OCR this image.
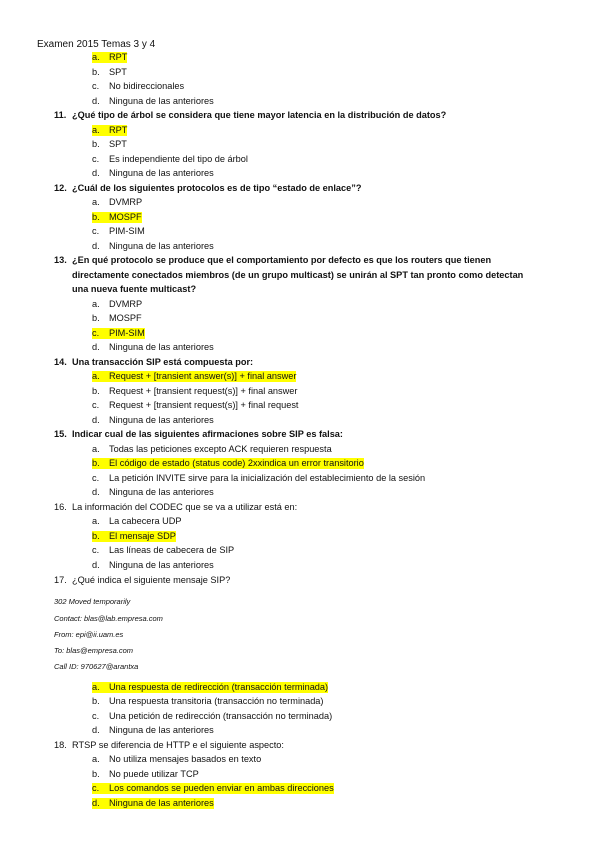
Examen 2015 Temas 3 y 4
a. RPT
b. SPT
c. No bidireccionales
d. Ninguna de las anteriores
11. ¿Qué tipo de árbol se considera que tiene mayor latencia en la distribución de datos?
a. RPT
b. SPT
c. Es independiente del tipo de árbol
d. Ninguna de las anteriores
12. ¿Cuál de los siguientes protocolos es de tipo “estado de enlace”?
a. DVMRP
b. MOSPF
c. PIM-SIM
d. Ninguna de las anteriores
13. ¿En qué protocolo se produce que el comportamiento por defecto es que los routers que tienen
directamente conectados miembros (de un grupo multicast) se unirán al SPT tan pronto como detectan
una nueva fuente multicast?
a. DVMRP
b. MOSPF
c. PIM-SIM
d. Ninguna de las anteriores
14. Una transacción SIP está compuesta por:
a. Request + [transient answer(s)] + final answer
b. Request + [transient request(s)] + final answer
c. Request + [transient request(s)] + final request
d. Ninguna de las anteriores
15. Indicar cual de las siguientes afirmaciones sobre SIP es falsa:
a. Todas las peticiones excepto ACK requieren respuesta
b. El código de estado (status code) 2xxindica un error transitorio
c. La petición INVITE sirve para la inicialización del establecimiento de la sesión
d. Ninguna de las anteriores
16. La información del CODEC que se va a utilizar está en:
a. La cabecera UDP
b. El mensaje SDP
c. Las líneas de cabecera de SIP
d. Ninguna de las anteriores
17. ¿Qué indica el siguiente mensaje SIP?
302 Moved temporarily
Contact: blas@lab.empresa.com
From: epi@ii.uam.es
To: blas@empresa.com
Call ID: 970627@arantxa
a. Una respuesta de redirección (transacción terminada)
b. Una respuesta transitoria (transacción no terminada)
c. Una petición de redirección (transacción no terminada)
d. Ninguna de las anteriores
18. RTSP se diferencia de HTTP e el siguiente aspecto:
a. No utiliza mensajes basados en texto
b. No puede utilizar TCP
c. Los comandos se pueden enviar en ambas direcciones
d. Ninguna de las anteriores
